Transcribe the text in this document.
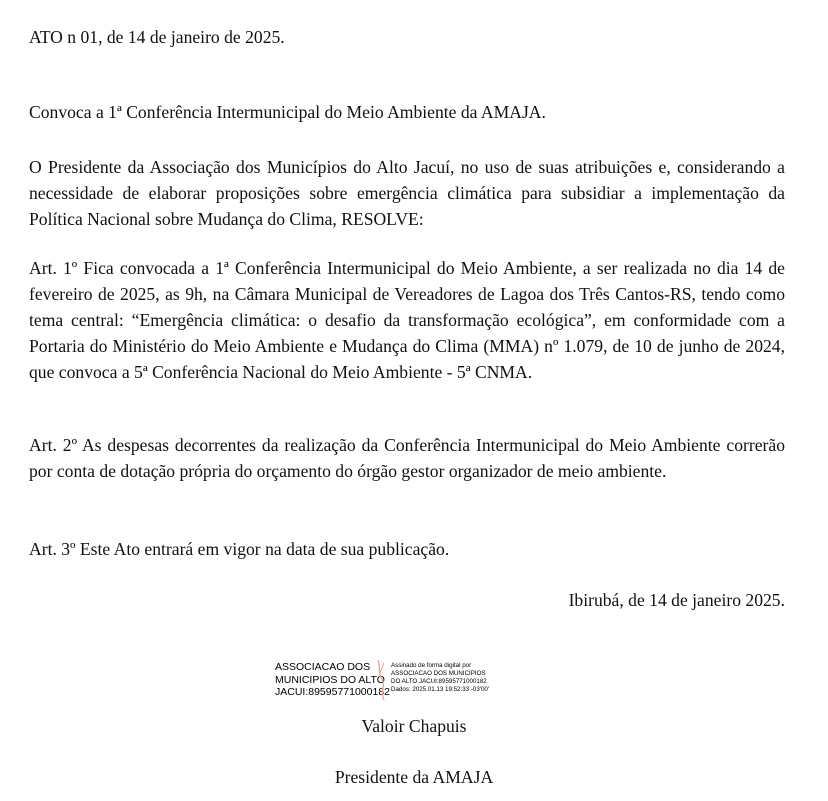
ATO n 01, de 14 de janeiro de 2025.
Convoca a 1ª Conferência Intermunicipal do Meio Ambiente da AMAJA.
O Presidente da Associação dos Municípios do Alto Jacuí, no uso de suas atribuições e, considerando a necessidade de elaborar proposições sobre emergência climática para subsidiar a implementação da Política Nacional sobre Mudança do Clima, RESOLVE:
Art. 1º Fica convocada a 1ª Conferência Intermunicipal do Meio Ambiente, a ser realizada no dia 14 de fevereiro de 2025, as 9h, na Câmara Municipal de Vereadores de Lagoa dos Três Cantos-RS, tendo como tema central: “Emergência climática: o desafio da transformação ecológica”, em conformidade com a Portaria do Ministério do Meio Ambiente e Mudança do Clima (MMA) nº 1.079, de 10 de junho de 2024, que convoca a 5ª Conferência Nacional do Meio Ambiente - 5ª CNMA.
Art. 2º As despesas decorrentes da realização da Conferência Intermunicipal do Meio Ambiente correrão por conta de dotação própria do orçamento do órgão gestor organizador de meio ambiente.
Art. 3º Este Ato entrará em vigor na data de sua publicação.
Ibirubá, de 14 de janeiro 2025.
ASSOCIACAO DOS
MUNICIPIOS DO ALTO
JACUI:89595771000182
Assinado de forma digital por
ASSOCIACAO DOS MUNICIPIOS
DO ALTO JACUI:89595771000182
Dados: 2025.01.13 19:52:33 -03'00'
Valoir Chapuis
Presidente da AMAJA
